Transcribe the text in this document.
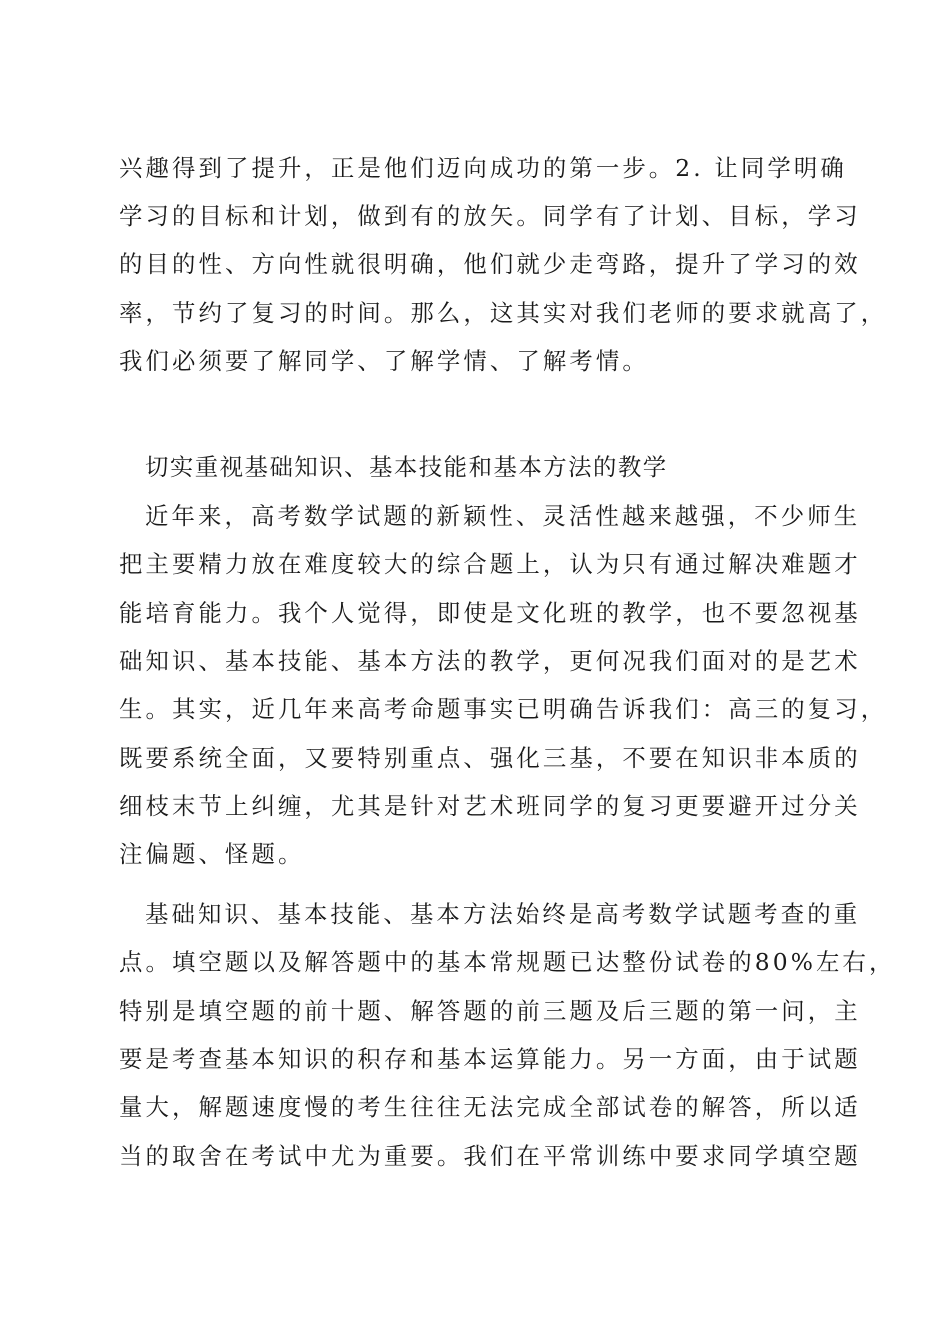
兴趣得到了提升，正是他们迈向成功的第一步。2. 让同学明确
学习的目标和计划，做到有的放矢。同学有了计划、目标，学习
的目的性、方向性就很明确，他们就少走弯路，提升了学习的效
率，节约了复习的时间。那么，这其实对我们老师的要求就高了，
我们必须要了解同学、了解学情、了解考情。
切实重视基础知识、基本技能和基本方法的教学
近年来，高考数学试题的新颖性、灵活性越来越强，不少师生
把主要精力放在难度较大的综合题上，认为只有通过解决难题才
能培育能力。我个人觉得，即使是文化班的教学，也不要忽视基
础知识、基本技能、基本方法的教学，更何况我们面对的是艺术
生。其实，近几年来高考命题事实已明确告诉我们：高三的复习，
既要系统全面，又要特别重点、强化三基，不要在知识非本质的
细枝末节上纠缠，尤其是针对艺术班同学的复习更要避开过分关
注偏题、怪题。
基础知识、基本技能、基本方法始终是高考数学试题考查的重
点。填空题以及解答题中的基本常规题已达整份试卷的80%左右，
特别是填空题的前十题、解答题的前三题及后三题的第一问，主
要是考查基本知识的积存和基本运算能力。另一方面，由于试题
量大，解题速度慢的考生往往无法完成全部试卷的解答，所以适
当的取舍在考试中尤为重要。我们在平常训练中要求同学填空题
